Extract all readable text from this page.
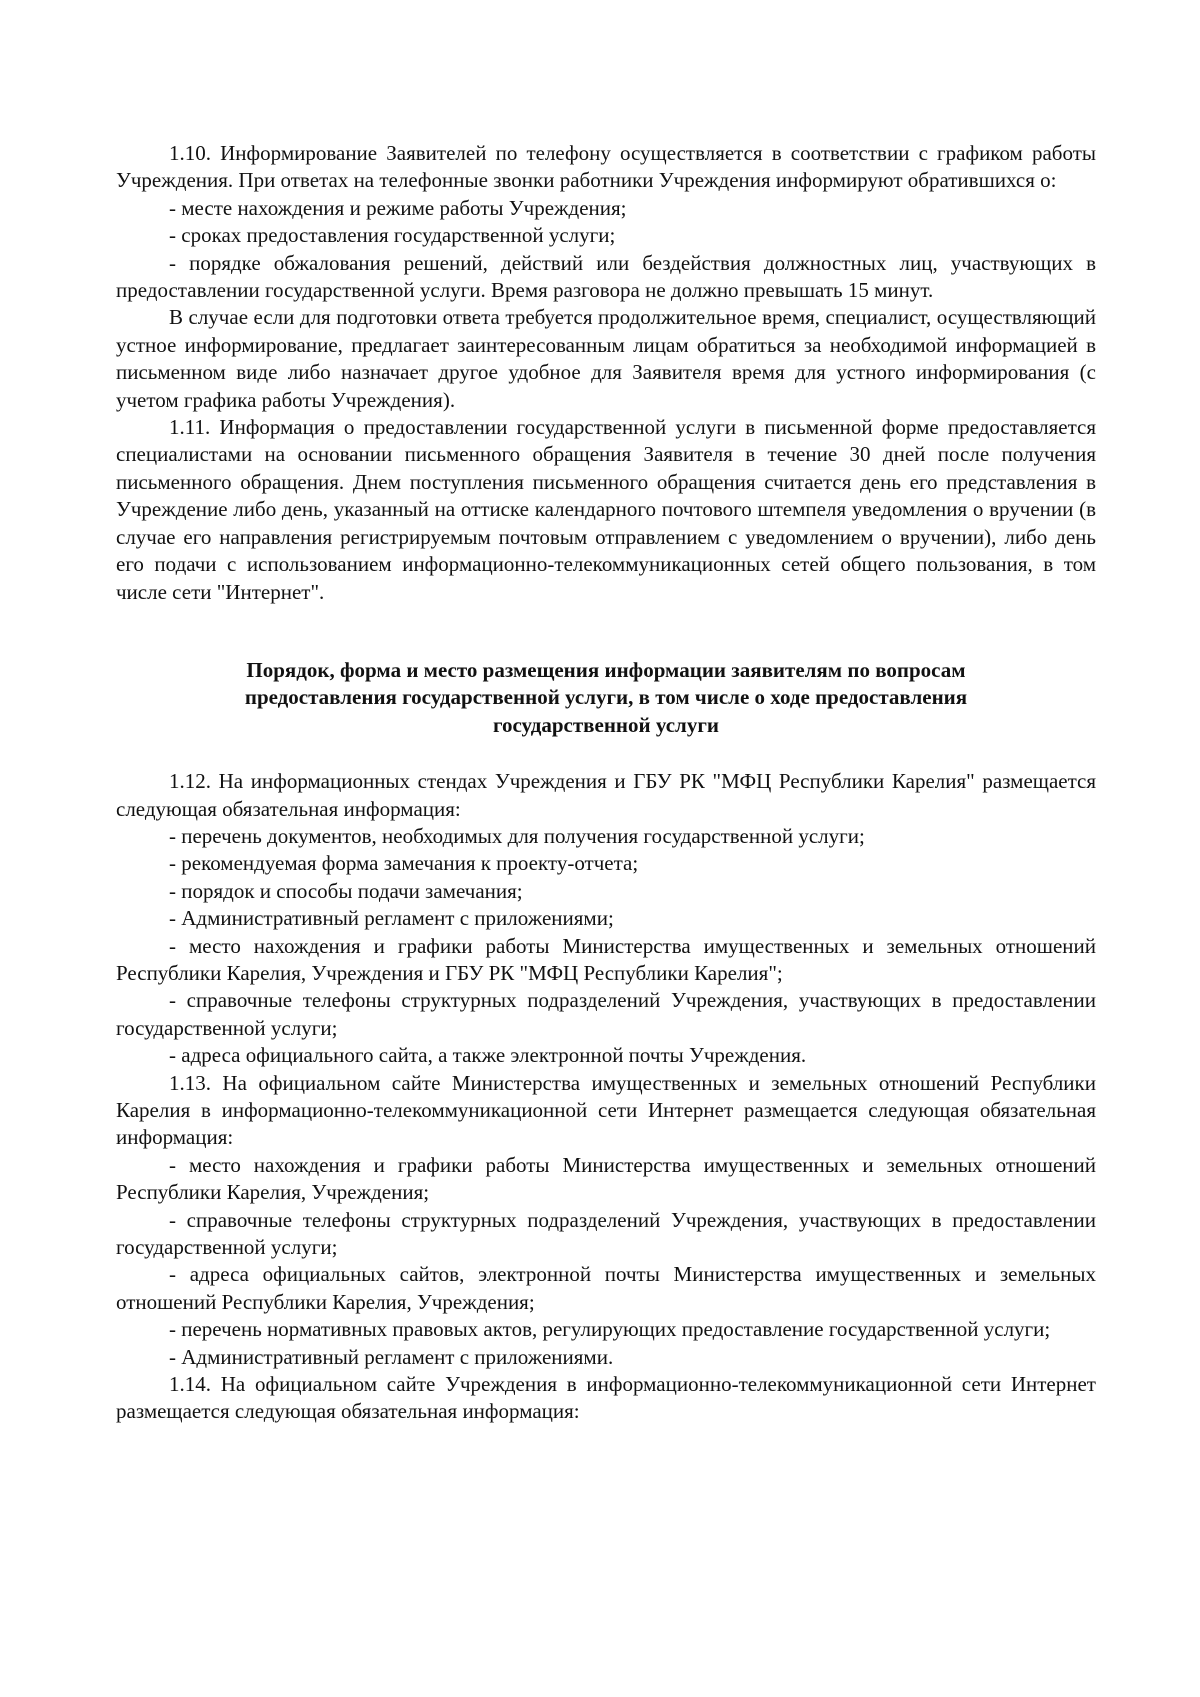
1.10. Информирование Заявителей по телефону осуществляется в соответствии с графиком работы Учреждения. При ответах на телефонные звонки работники Учреждения информируют обратившихся о:

- месте нахождения и режиме работы Учреждения;

- сроках предоставления государственной услуги;

- порядке обжалования решений, действий или бездействия должностных лиц, участвующих в предоставлении государственной услуги. Время разговора не должно превышать 15 минут.

В случае если для подготовки ответа требуется продолжительное время, специалист, осуществляющий устное информирование, предлагает заинтересованным лицам обратиться за необходимой информацией в письменном виде либо назначает другое удобное для Заявителя время для устного информирования (с учетом графика работы Учреждения).

1.11. Информация о предоставлении государственной услуги в письменной форме предоставляется специалистами на основании письменного обращения Заявителя в течение 30 дней после получения письменного обращения. Днем поступления письменного обращения считается день его представления в Учреждение либо день, указанный на оттиске календарного почтового штемпеля уведомления о вручении (в случае его направления регистрируемым почтовым отправлением с уведомлением о вручении), либо день его подачи с использованием информационно-телекоммуникационных сетей общего пользования, в том числе сети "Интернет".

Порядок, форма и место размещения информации заявителям по вопросам
предоставления государственной услуги, в том числе о ходе предоставления
государственной услуги

1.12. На информационных стендах Учреждения и ГБУ РК "МФЦ Республики Карелия" размещается следующая обязательная информация:

- перечень документов, необходимых для получения государственной услуги;

- рекомендуемая форма замечания к проекту-отчета;

- порядок и способы подачи замечания;

- Административный регламент с приложениями;

- место нахождения и графики работы Министерства имущественных и земельных отношений Республики Карелия, Учреждения и ГБУ РК "МФЦ Республики Карелия";

- справочные телефоны структурных подразделений Учреждения, участвующих в предоставлении государственной услуги;

- адреса официального сайта, а также электронной почты Учреждения.

1.13. На официальном сайте Министерства имущественных и земельных отношений Республики Карелия в информационно-телекоммуникационной сети Интернет размещается следующая обязательная информация:

- место нахождения и графики работы Министерства имущественных и земельных отношений Республики Карелия, Учреждения;

- справочные телефоны структурных подразделений Учреждения, участвующих в предоставлении государственной услуги;

- адреса официальных сайтов, электронной почты Министерства имущественных и земельных отношений Республики Карелия, Учреждения;

- перечень нормативных правовых актов, регулирующих предоставление государственной услуги;

- Административный регламент с приложениями.

1.14. На официальном сайте Учреждения в информационно-телекоммуникационной сети Интернет размещается следующая обязательная информация:
